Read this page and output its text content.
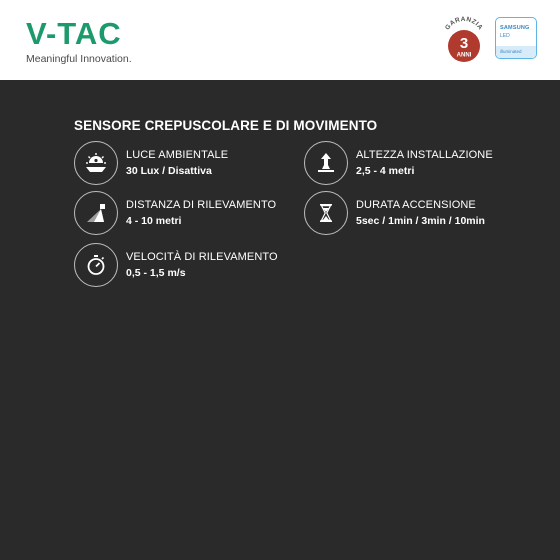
V-TAC
Meaningful Innovation.
GARANZIA
3
ANNI
SAMSUNG
LED
illuminated
SENSORE CREPUSCOLARE E DI MOVIMENTO
LUCE AMBIENTALE
30 Lux / Disattiva
ALTEZZA INSTALLAZIONE
2,5 - 4 metri
DISTANZA DI RILEVAMENTO
4 - 10 metri
DURATA ACCENSIONE
5sec / 1min / 3min / 10min
VELOCITÀ DI RILEVAMENTO
0,5 - 1,5 m/s
